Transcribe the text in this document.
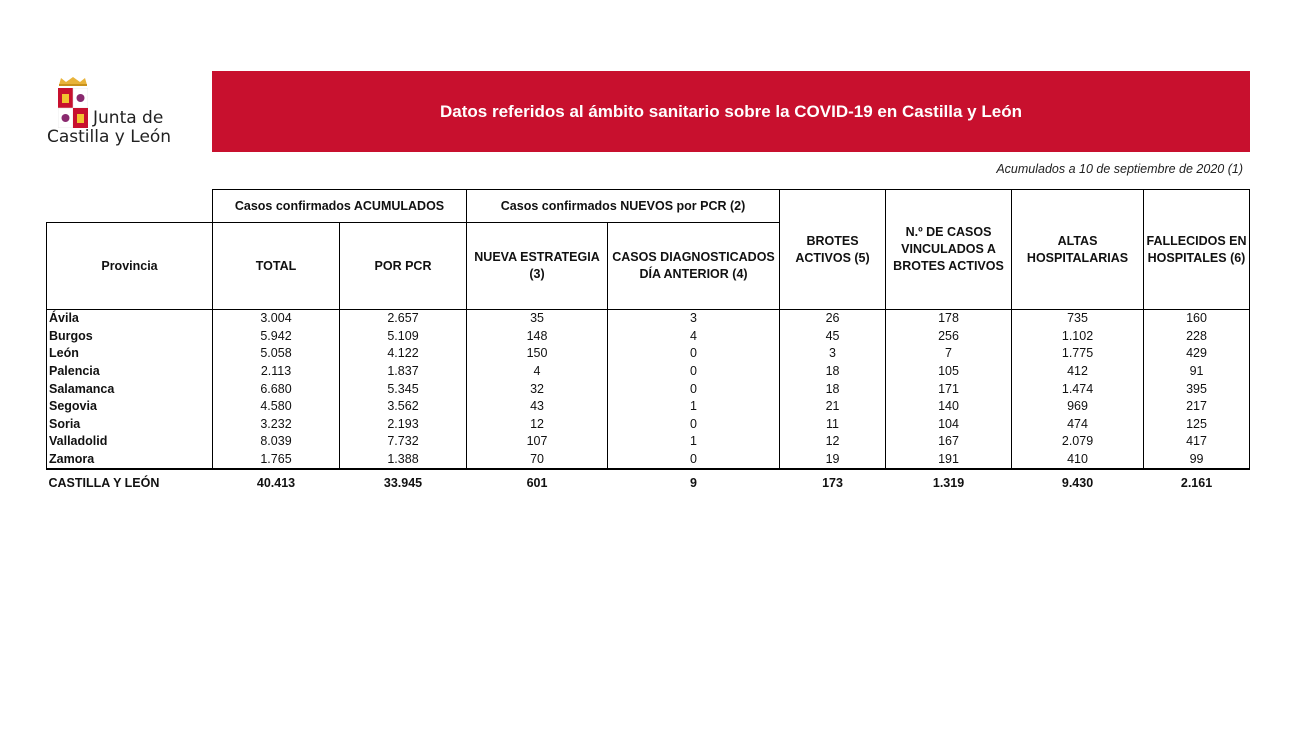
Junta de
Castilla y León
Datos referidos al ámbito sanitario sobre la COVID-19 en Castilla y León
Acumulados a 10 de septiembre de 2020 (1)
	Casos confirmados ACUMULADOS		Casos confirmados NUEVOS por PCR (2)		BROTES ACTIVOS (5)	N.º DE CASOS VINCULADOS A BROTES ACTIVOS	ALTAS HOSPITALARIAS	FALLECIDOS EN HOSPITALES (6)
Provincia	TOTAL	POR PCR	NUEVA ESTRATEGIA (3)	CASOS DIAGNOSTICADOS DÍA ANTERIOR (4)				
Ávila	3.004	2.657	35	3	26	178	735	160
Burgos	5.942	5.109	148	4	45	256	1.102	228
León	5.058	4.122	150	0	3	7	1.775	429
Palencia	2.113	1.837	4	0	18	105	412	91
Salamanca	6.680	5.345	32	0	18	171	1.474	395
Segovia	4.580	3.562	43	1	21	140	969	217
Soria	3.232	2.193	12	0	11	104	474	125
Valladolid	8.039	7.732	107	1	12	167	2.079	417
Zamora	1.765	1.388	70	0	19	191	410	99
CASTILLA Y LEÓN	40.413	33.945	601	9	173	1.319	9.430	2.161
